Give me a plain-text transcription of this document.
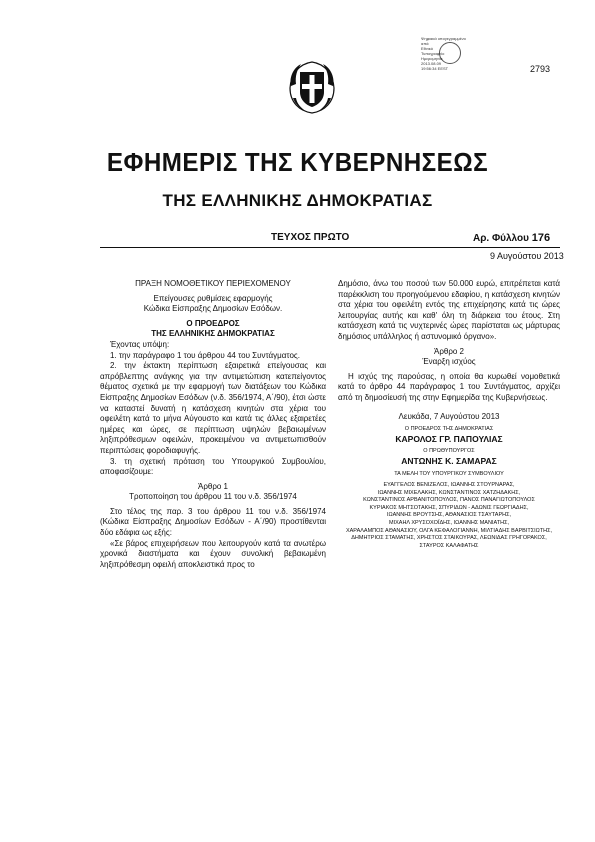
Ψηφιακά υπογεγραμμένο από:
Εθνικό
Τυπογραφείο
Ημερομηνία:
2013.08.09
19:56:34 EEST	2793
ΕΦΗΜΕΡΙΣ ΤΗΣ ΚΥΒΕΡΝΗΣΕΩΣ
ΤΗΣ ΕΛΛΗΝΙΚΗΣ ΔΗΜΟΚΡΑΤΙΑΣ
ΤΕΥΧΟΣ ΠΡΩΤΟ	Αρ. Φύλλου 176
9 Αυγούστου 2013

ΠΡΑΞΗ ΝΟΜΟΘΕΤΙΚΟΥ ΠΕΡΙΕΧΟΜΕΝΟΥ

Επείγουσες ρυθμίσεις εφαρμογής

Κώδικα Είσπραξης Δημοσίων Εσόδων.

Ο ΠΡΟΕΔΡΟΣ

ΤΗΣ ΕΛΛΗΝΙΚΗΣ ΔΗΜΟΚΡΑΤΙΑΣ

Έχοντας υπόψη:

1. την παράγραφο 1 του άρθρου 44 του Συντάγματος.

2. την έκτακτη περίπτωση εξαιρετικά επείγουσας και απρόβλεπτης ανάγκης για την αντιμετώπιση κατεπείγοντος θέματος σχετικά με την εφαρμογή των διατάξεων του Κώδικα Είσπραξης Δημοσίων Εσόδων (ν.δ. 356/1974, Α΄/90), έτσι ώστε να καταστεί δυνατή η κατάσχεση κινητών στα χέρια του οφειλέτη κατά το μήνα Αύγουστο και κατά τις άλλες εξαιρετέες ημέρες και ώρες, σε περίπτωση υψηλών βεβαιωμένων ληξιπρόθεσμων οφειλών, προκειμένου να αντιμετωπισθούν περιπτώσεις φοροδιαφυγής.

3. τη σχετική πρόταση του Υπουργικού Συμβουλίου, αποφασίζουμε:

Άρθρο 1

Τροποποίηση του άρθρου 11 του ν.δ. 356/1974

Στο τέλος της παρ. 3 του άρθρου 11 του ν.δ. 356/1974 (Κώδικα Είσπραξης Δημοσίων Εσόδων - Α΄/90) προστίθενται δύο εδάφια ως εξής:

«Σε βάρος επιχειρήσεων που λειτουργούν κατά τα ανωτέρω χρονικά διαστήματα και έχουν συνολική βεβαιωμένη ληξιπρόθεσμη οφειλή αποκλειστικά προς το

Δημόσιο, άνω του ποσού των 50.000 ευρώ, επιτρέπεται κατά παρέκκλιση του προηγούμενου εδαφίου, η κατάσχεση κινητών στα χέρια του οφειλέτη εντός της επιχείρησης κατά τις ώρες λειτουργίας αυτής και καθ' όλη τη διάρκεια του έτους. Στη κατάσχεση κατά τις νυχτερινές ώρες παρίσταται ως μάρτυρας δημόσιος υπάλληλος ή αστυνομικό όργανο».

Άρθρο 2

Έναρξη ισχύος

Η ισχύς της παρούσας, η οποία θα κυρωθεί νομοθετικά κατά το άρθρο 44 παράγραφος 1 του Συντάγματος, αρχίζει από τη δημοσίευσή της στην Εφημερίδα της Κυβερνήσεως.

Λευκάδα, 7 Αυγούστου 2013

Ο ΠΡΟΕΔΡΟΣ ΤΗΣ ΔΗΜΟΚΡΑΤΙΑΣ

ΚΑΡΟΛΟΣ ΓΡ. ΠΑΠΟΥΛΙΑΣ

Ο ΠΡΩΘΥΠΟΥΡΓΟΣ

ΑΝΤΩΝΗΣ Κ. ΣΑΜΑΡΑΣ

ΤΑ ΜΕΛΗ ΤΟΥ ΥΠΟΥΡΓΙΚΟΥ ΣΥΜΒΟΥΛΙΟΥ

ΕΥΑΓΓΕΛΟΣ ΒΕΝΙΖΕΛΟΣ, ΙΩΑΝΝΗΣ ΣΤΟΥΡΝΑΡΑΣ,

ΙΩΑΝΝΗΣ ΜΙΧΕΛΑΚΗΣ, ΚΩΝΣΤΑΝΤΙΝΟΣ ΧΑΤΖΗΔΑΚΗΣ,

ΚΩΝΣΤΑΝΤΙΝΟΣ ΑΡΒΑΝΙΤΟΠΟΥΛΟΣ, ΠΑΝΟΣ ΠΑΝΑΓΙΩΤΟΠΟΥΛΟΣ

ΚΥΡΙΑΚΟΣ ΜΗΤΣΟΤΑΚΗΣ, ΣΠΥΡΙΔΩΝ - ΑΔΩΝΙΣ ΓΕΩΡΓΙΑΔΗΣ,

ΙΩΑΝΝΗΣ ΒΡΟΥΤΣΗΣ, ΑΘΑΝΑΣΙΟΣ ΤΣΑΥΤΑΡΗΣ,

ΜΙΧΑΗΛ ΧΡΥΣΟΧΟΪΔΗΣ, ΙΩΑΝΝΗΣ ΜΑΝΙΑΤΗΣ,

ΧΑΡΑΛΑΜΠΟΣ ΑΘΑΝΑΣΙΟΥ, ΟΛΓΑ ΚΕΦΑΛΟΓΙΑΝΝΗ, ΜΙΛΤΙΑΔΗΣ ΒΑΡΒΙΤΣΙΩΤΗΣ,

ΔΗΜΗΤΡΙΟΣ ΣΤΑΜΑΤΗΣ, ΧΡΗΣΤΟΣ ΣΤΑΙΚΟΥΡΑΣ, ΛΕΩΝΙΔΑΣ ΓΡΗΓΟΡΑΚΟΣ,

ΣΤΑΥΡΟΣ ΚΑΛΑΦΑΤΗΣ
